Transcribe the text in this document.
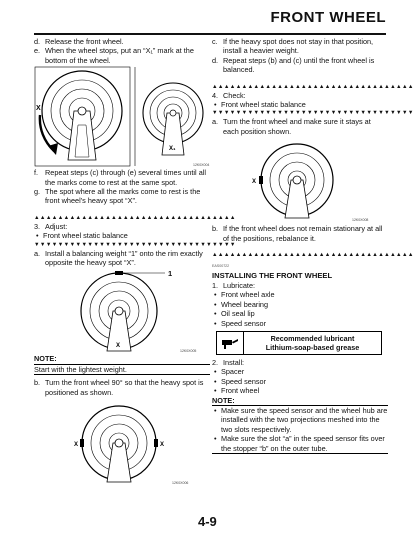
FRONT WHEEL
d. Release the front wheel.
e. When the wheel stops, put an “X₁” mark at the bottom of the wheel.
X
X₁
12K0X004
f. Repeat steps (c) through (e) several times until all the marks come to rest at the same spot.
g. The spot where all the marks come to rest is the front wheel’s heavy spot “X”.
▲▲▲▲▲▲▲▲▲▲▲▲▲▲▲▲▲▲▲▲▲▲▲▲▲▲▲▲▲▲▲▲▲▲
3. Adjust:
• Front wheel static balance
▼▼▼▼▼▼▼▼▼▼▼▼▼▼▼▼▼▼▼▼▼▼▼▼▼▼▼▼▼▼▼▼▼▼
a. Install a balancing weight “1” onto the rim exactly opposite the heavy spot “X”.
X
1
12K0X005
NOTE:
Start with the lightest weight.
b. Turn the front wheel 90° so that the heavy spot is positioned as shown.
X	X
12K0X006
c. If the heavy spot does not stay in that position, install a heavier weight.
d. Repeat steps (b) and (c) until the front wheel is balanced.
▲▲▲▲▲▲▲▲▲▲▲▲▲▲▲▲▲▲▲▲▲▲▲▲▲▲▲▲▲▲▲▲▲▲
4. Check:
• Front wheel static balance
▼▼▼▼▼▼▼▼▼▼▼▼▼▼▼▼▼▼▼▼▼▼▼▼▼▼▼▼▼▼▼▼▼▼
a. Turn the front wheel and make sure it stays at each position shown.
X
12K0X008
b. If the front wheel does not remain stationary at all of the positions, rebalance it.
▲▲▲▲▲▲▲▲▲▲▲▲▲▲▲▲▲▲▲▲▲▲▲▲▲▲▲▲▲▲▲▲▲▲
EAS00722
INSTALLING THE FRONT WHEEL
1. Lubricate:
• Front wheel axle
• Wheel bearing
• Oil seal lip
• Speed sensor
Recommended lubricant
Lithium-soap-based grease
2. Install:
• Spacer
• Speed sensor
• Front wheel
NOTE:
• Make sure the speed sensor and the wheel hub are installed with the two projections meshed into the two slots respectively.
• Make sure the slot “a” in the speed sensor fits over the stopper “b” on the outer tube.
4-9
